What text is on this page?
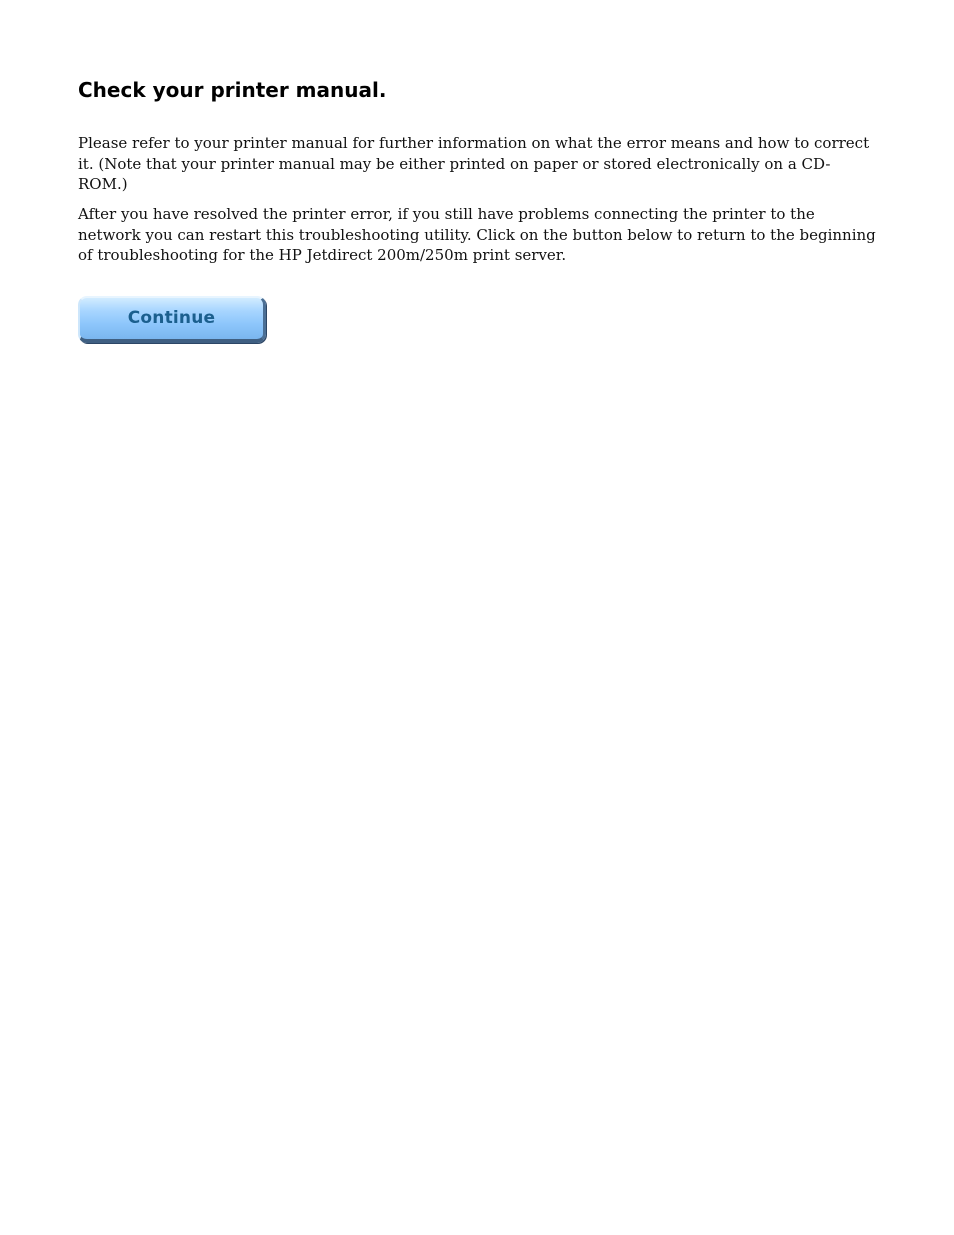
Check your printer manual.

Please refer to your printer manual for further information on what the error means and how to correct it. (Note that your printer manual may be either printed on paper or stored electronically on a CD-ROM.)

After you have resolved the printer error, if you still have problems connecting the printer to the network you can restart this troubleshooting utility. Click on the button below to return to the beginning of troubleshooting for the HP Jetdirect 200m/250m print server.

Continue
